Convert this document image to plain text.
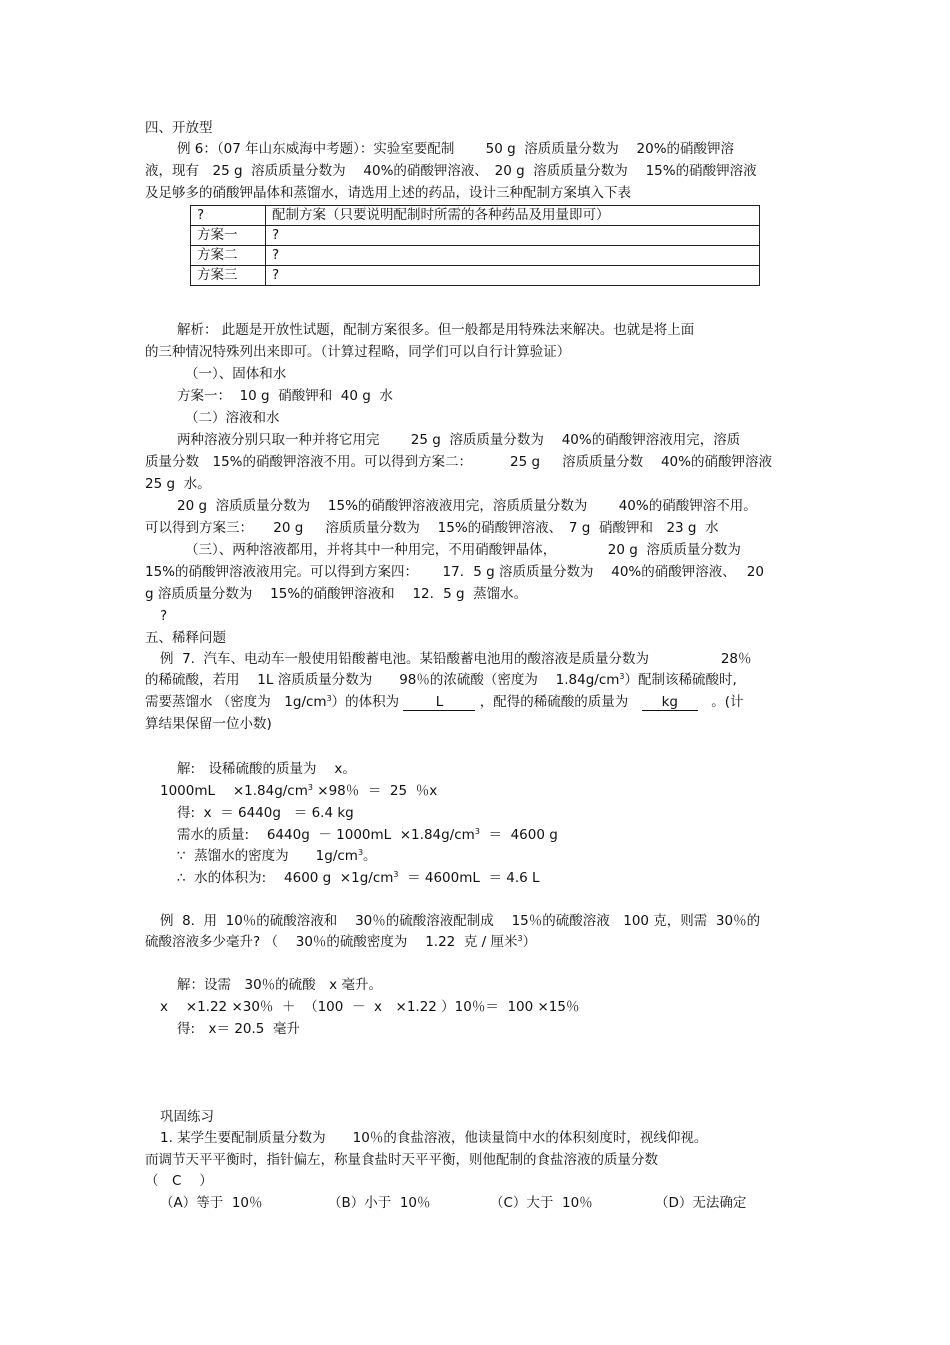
四、开放型
例 6：（07 年山东威海中考题）：实验室要配制　　 50 g  溶质质量分数为　 20%的硝酸钾溶
液，现有　25 g  溶质质量分数为　 40%的硝酸钾溶液、　20 g  溶质质量分数为　 15%的硝酸钾溶液
及足够多的硝酸钾晶体和蒸馏水，请选用上述的药品，设计三种配制方案填入下表
?	配制方案（只要说明配制时所需的各种药品及用量即可）
方案一	?
方案二	?
方案三	?
解析： 此题是开放性试题，配制方案很多。但一般都是用特殊法来解决。也就是将上面
的三种情况特殊列出来即可。（计算过程略，同学们可以自行计算验证）
（一）、固体和水
方案一：  10 g  硝酸钾和  40 g  水
（二）溶液和水
两种溶液分别只取一种并将它用完　　 25 g  溶质质量分数为　 40%的硝酸钾溶液用完，溶质
质量分数　15%的硝酸钾溶液不用。可以得到方案二：　　　 25 g  　溶质质量分数　 40%的硝酸钾溶液
25 g  水。
20 g  溶质质量分数为　 15%的硝酸钾溶液液用完，溶质质量分数为　　 40%的硝酸钾溶不用。
可以得到方案三：　　20 g  　溶质质量分数为　 15%的硝酸钾溶液、　7 g  硝酸钾和　23 g  水
（三）、两种溶液都用，并将其中一种用完，不用硝酸钾晶体，　　　　 20 g  溶质质量分数为
15%的硝酸钾溶液液用完。可以得到方案四：　　 17．5 g 溶质质量分数为　 40%的硝酸钾溶液、　 20
g 溶质质量分数为　 15%的硝酸钾溶液和　 12．5 g  蒸馏水。
?
五、稀释问题
例  7.  汽车、电动车一般使用铅酸蓄电池。某铅酸蓄电池用的酸溶液是质量分数为　　　　　 28％
的稀硫酸，若用　 1L 溶质质量分数为　　98％的浓硫酸（密度为　 $1.84g/cm^3$）配制该稀硫酸时,
需要蒸馏水 （密度为　$1g/cm^3$）的体积为	L	，配得的稀硫酸的质量为　 kg　 。(计
算结果保留一位小数)
解:　设稀硫酸的质量为　 x。
1000mL　 $\times 1.84g/cm^3 \times 98$％  ＝  25  ％x
得:  x  ＝ 6440g   ＝ 6.4 kg
需水的质量:　 $6440g - 1000mL \times 1.84g/cm^3 = 4600$ g
∵  蒸馏水的密度为　　$1g/cm^3$。
∴  水的体积为:　 4600 $g \times 1g/cm^3 = 4600mL = 4.6$ L
例  8.  用  10％的硫酸溶液和　 30％的硫酸溶液配制成　 15％的硫酸溶液　100 克，则需  30％的
硫酸溶液多少毫升? （　 30％的硫酸密度为　 1.22  克 / 厘米$^3$）
解：设需　30％的硫酸　x 毫升。
x　 ×1.22 ×30％  ＋  （100  －  x　×1.22 ）10％＝  100 ×15％
得:　x＝ 20.5  毫升
巩固练习
1. 某学生要配制质量分数为　　10％的食盐溶液，他读量筒中水的体积刻度时，视线仰视。
而调节天平平衡时，指针偏左，称量食盐时天平平衡，则他配制的食盐溶液的质量分数
（　C　 ）
（A）等于  10％	（B）小于  10％	（C）大于  10％	（D）无法确定
